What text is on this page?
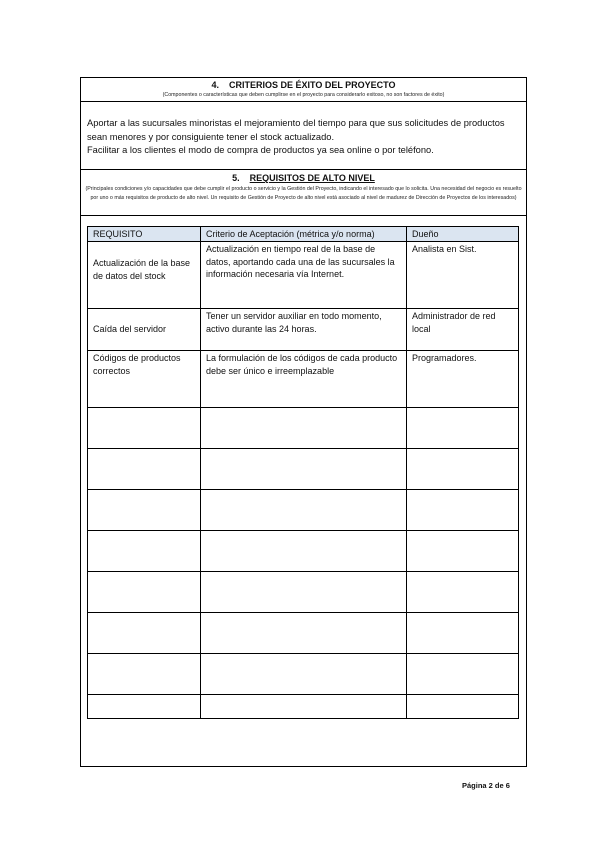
4. CRITERIOS DE ÉXITO DEL PROYECTO
(Componentes o características que deben cumplirse en el proyecto para considerarlo exitoso, no son factores de éxito)

Aportar a las sucursales minoristas el mejoramiento del tiempo para que sus solicitudes de productos sean menores y por consiguiente tener el stock actualizado.

Facilitar a los clientes el modo de compra de productos ya sea online o por teléfono.

5. REQUISITOS DE ALTO NIVEL
(Principales condiciones y/o capacidades que debe cumplir el producto o servicio y la Gestión del Proyecto, indicando el interesado que lo solicita. Una necesidad del negocio es resuelto por uno o más requisitos de producto de alto nivel. Un requisito de Gestión de Proyecto de alto nivel está asociado al nivel de madurez de Dirección de Proyectos de los interesados)
REQUISITO	Criterio de Aceptación (métrica y/o norma)	Dueño
Actualización de la base de datos del stock	Actualización en tiempo real de la base de datos, aportando cada una de las sucursales la información necesaria vía Internet.	Analista en Sist.
Caída del servidor	Tener un servidor auxiliar en todo momento, activo durante las 24 horas.	Administrador de red local
Códigos de productos correctos	La formulación de los códigos de cada producto debe ser único e irreemplazable	Programadores.

Página 2 de 6
